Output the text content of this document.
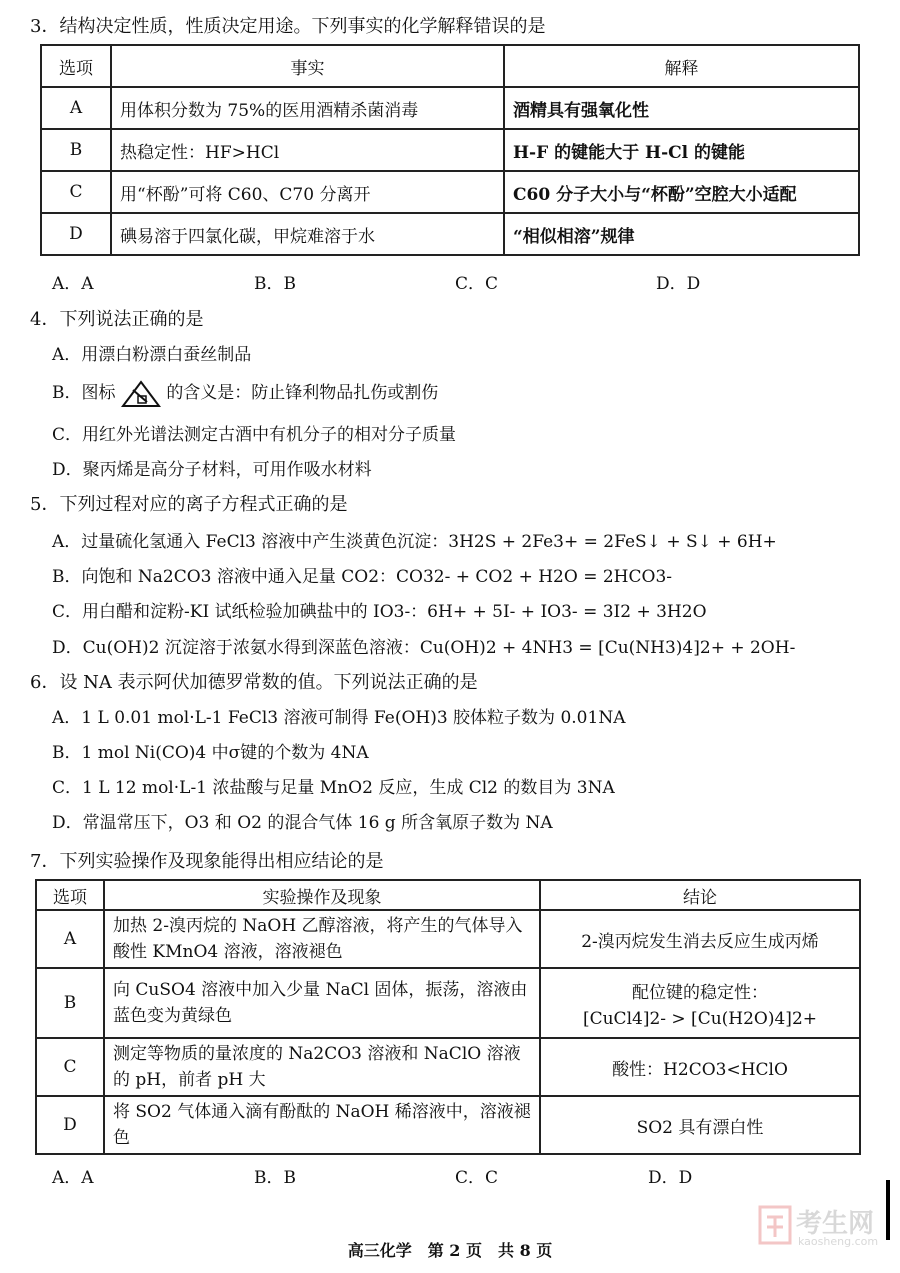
3．结构决定性质，性质决定用途。下列事实的化学解释错误的是
选项	事实	解释
A	用体积分数为 75%的医用酒精杀菌消毒	酒精具有强氧化性
B	热稳定性：HF>HCl	H-F 的键能大于 H-Cl 的键能
C	用“杯酚”可将 C60、C70 分离开	C60 分子大小与“杯酚”空腔大小适配
D	碘易溶于四氯化碳，甲烷难溶于水	“相似相溶”规律
A．A	B．B	C．C	D．D
4．下列说法正确的是
A．用漂白粉漂白蚕丝制品
B．图标	的含义是：防止锋利物品扎伤或割伤
C．用红外光谱法测定古酒中有机分子的相对分子质量
D．聚丙烯是高分子材料，可用作吸水材料
5．下列过程对应的离子方程式正确的是
A．过量硫化氢通入 FeCl3 溶液中产生淡黄色沉淀：3H2S + 2Fe3+ = 2FeS↓ + S↓ + 6H+
B．向饱和 Na2CO3 溶液中通入足量 CO2：CO32- + CO2 + H2O = 2HCO3-
C．用白醋和淀粉-KI 试纸检验加碘盐中的 IO3-：6H+ + 5I- + IO3- = 3I2 + 3H2O
D．Cu(OH)2 沉淀溶于浓氨水得到深蓝色溶液：Cu(OH)2 + 4NH3 = [Cu(NH3)4]2+ + 2OH-
6．设 NA 表示阿伏加德罗常数的值。下列说法正确的是
A．1 L 0.01 mol·L-1 FeCl3 溶液可制得 Fe(OH)3 胶体粒子数为 0.01NA
B．1 mol Ni(CO)4 中σ键的个数为 4NA
C．1 L 12 mol·L-1 浓盐酸与足量 MnO2 反应，生成 Cl2 的数目为 3NA
D．常温常压下，O3 和 O2 的混合气体 16 g 所含氧原子数为 NA
7．下列实验操作及现象能得出相应结论的是
选项	实验操作及现象	结论
A	加热 2-溴丙烷的 NaOH 乙醇溶液，将产生的气体导入酸性 KMnO4 溶液，溶液褪色	2-溴丙烷发生消去反应生成丙烯
B	向 CuSO4 溶液中加入少量 NaCl 固体，振荡，溶液由蓝色变为黄绿色	配位键的稳定性：
[CuCl4]2- > [Cu(H2O)4]2+

C	测定等物质的量浓度的 Na2CO3 溶液和 NaClO 溶液的 pH，前者 pH 大	酸性：H2CO3<HClO
D	将 SO2 气体通入滴有酚酞的 NaOH 稀溶液中，溶液褪色	SO2 具有漂白性
A．A	B．B	C．C	D．D
高三化学　第 2 页　共 8 页
考生网
kaosheng.com
